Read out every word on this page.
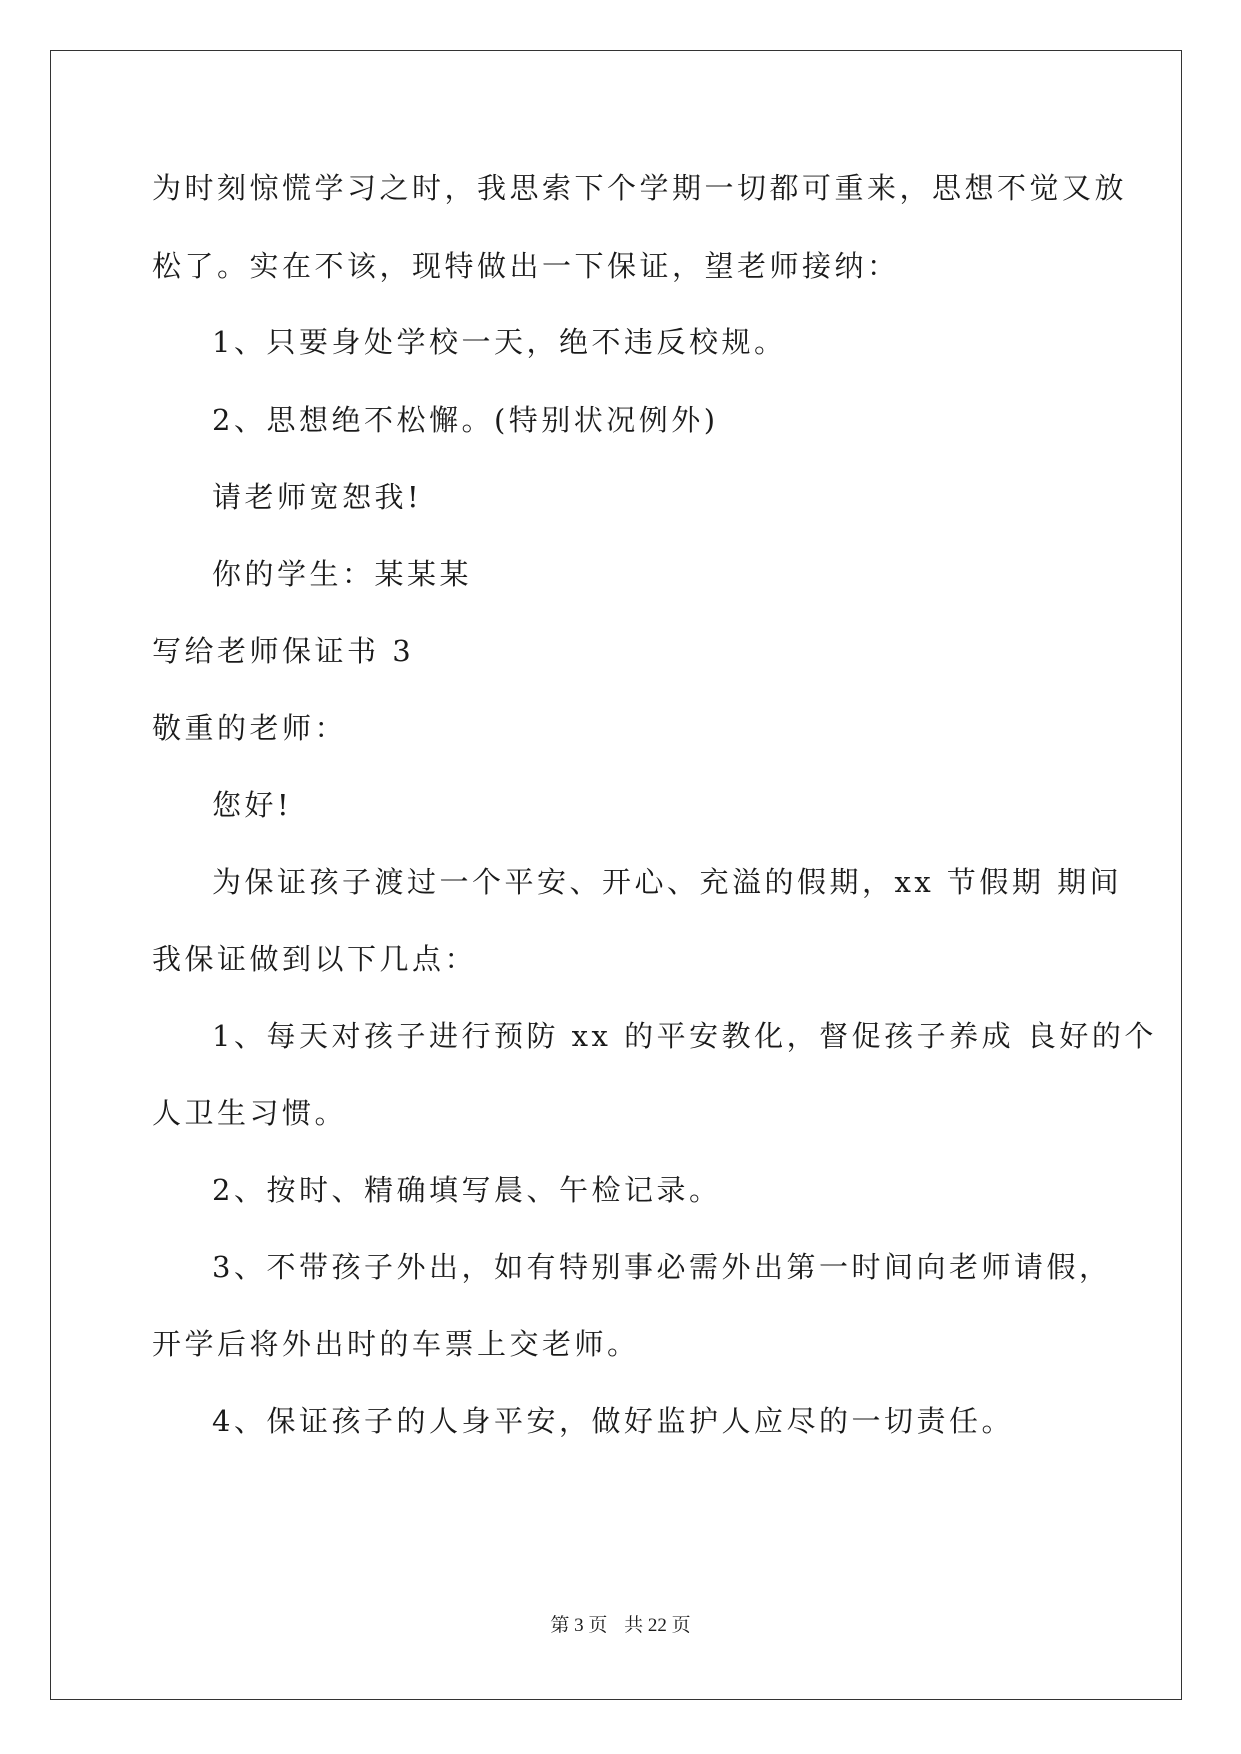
为时刻惊慌学习之时，我思索下个学期一切都可重来，思想不觉又放
松了。实在不该，现特做出一下保证，望老师接纳：
1、只要身处学校一天，绝不违反校规。
2、思想绝不松懈。(特别状况例外)
请老师宽恕我!
你的学生：某某某
写给老师保证书 3
敬重的老师：
您好!
为保证孩子渡过一个平安、开心、充溢的假期，xx 节假期 期间
我保证做到以下几点：
1、每天对孩子进行预防 xx 的平安教化，督促孩子养成 良好的个
人卫生习惯。
2、按时、精确填写晨、午检记录。
3、不带孩子外出，如有特别事必需外出第一时间向老师请假，
开学后将外出时的车票上交老师。
4、保证孩子的人身平安，做好监护人应尽的一切责任。
第 3 页 共 22 页
